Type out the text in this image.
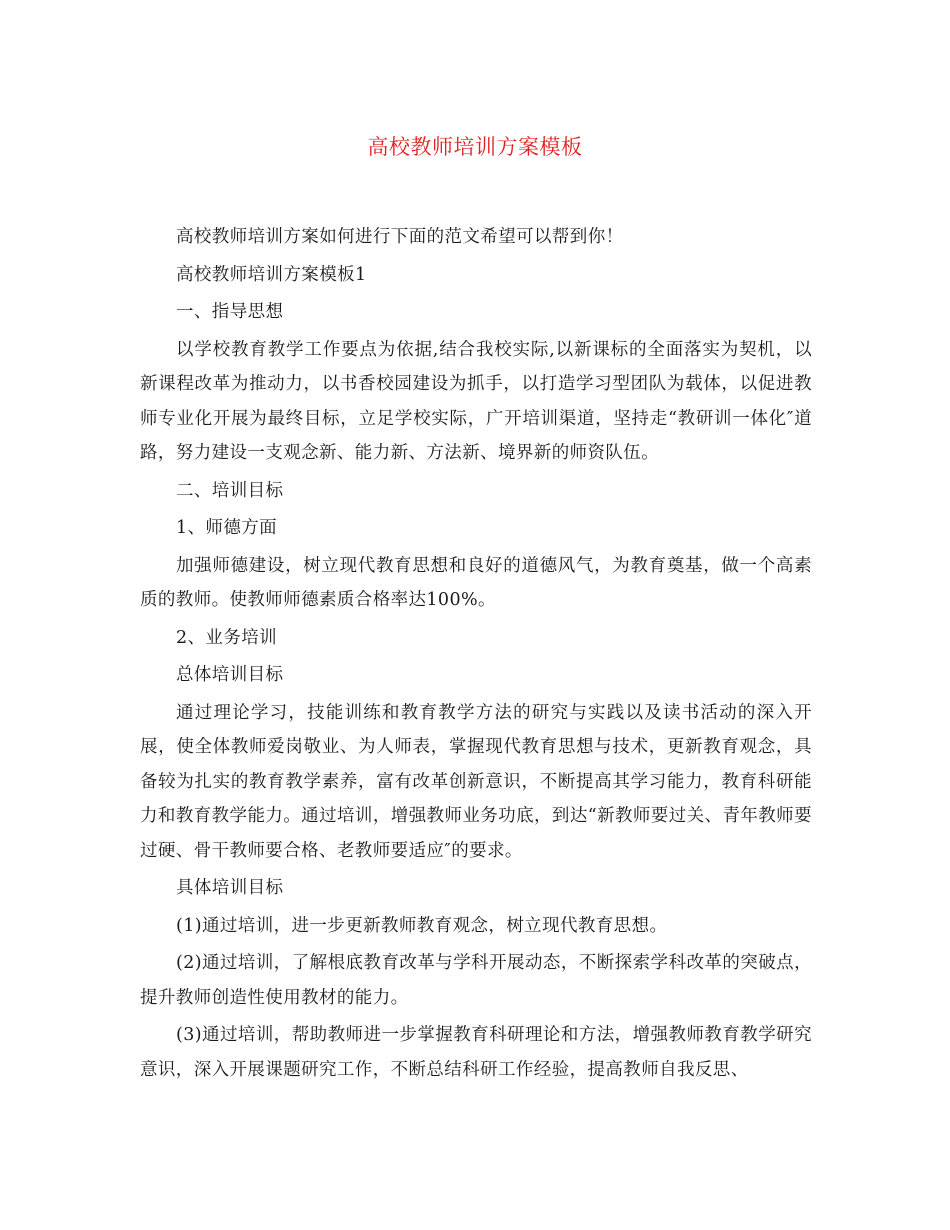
高校教师培训方案模板

高校教师培训方案如何进行下面的范文希望可以帮到你！

高校教师培训方案模板1

一、指导思想

以学校教育教学工作要点为依据,结合我校实际,以新课标的全面落实为契机，以新课程改革为推动力，以书香校园建设为抓手，以打造学习型团队为载体，以促进教师专业化开展为最终目标，立足学校实际，广开培训渠道，坚持走“教研训一体化″道路，努力建设一支观念新、能力新、方法新、境界新的师资队伍。

二、培训目标

1、师德方面

加强师德建设，树立现代教育思想和良好的道德风气，为教育奠基，做一个高素质的教师。使教师师德素质合格率达100%。

2、业务培训

总体培训目标

通过理论学习，技能训练和教育教学方法的研究与实践以及读书活动的深入开展，使全体教师爱岗敬业、为人师表，掌握现代教育思想与技术，更新教育观念，具备较为扎实的教育教学素养，富有改革创新意识，不断提高其学习能力，教育科研能力和教育教学能力。通过培训，增强教师业务功底，到达“新教师要过关、青年教师要过硬、骨干教师要合格、老教师要适应″的要求。

具体培训目标

(1)通过培训，进一步更新教师教育观念，树立现代教育思想。

(2)通过培训，了解根底教育改革与学科开展动态，不断探索学科改革的突破点，提升教师创造性使用教材的能力。

(3)通过培训，帮助教师进一步掌握教育科研理论和方法，增强教师教育教学研究意识，深入开展课题研究工作，不断总结科研工作经验，提高教师自我反思、
